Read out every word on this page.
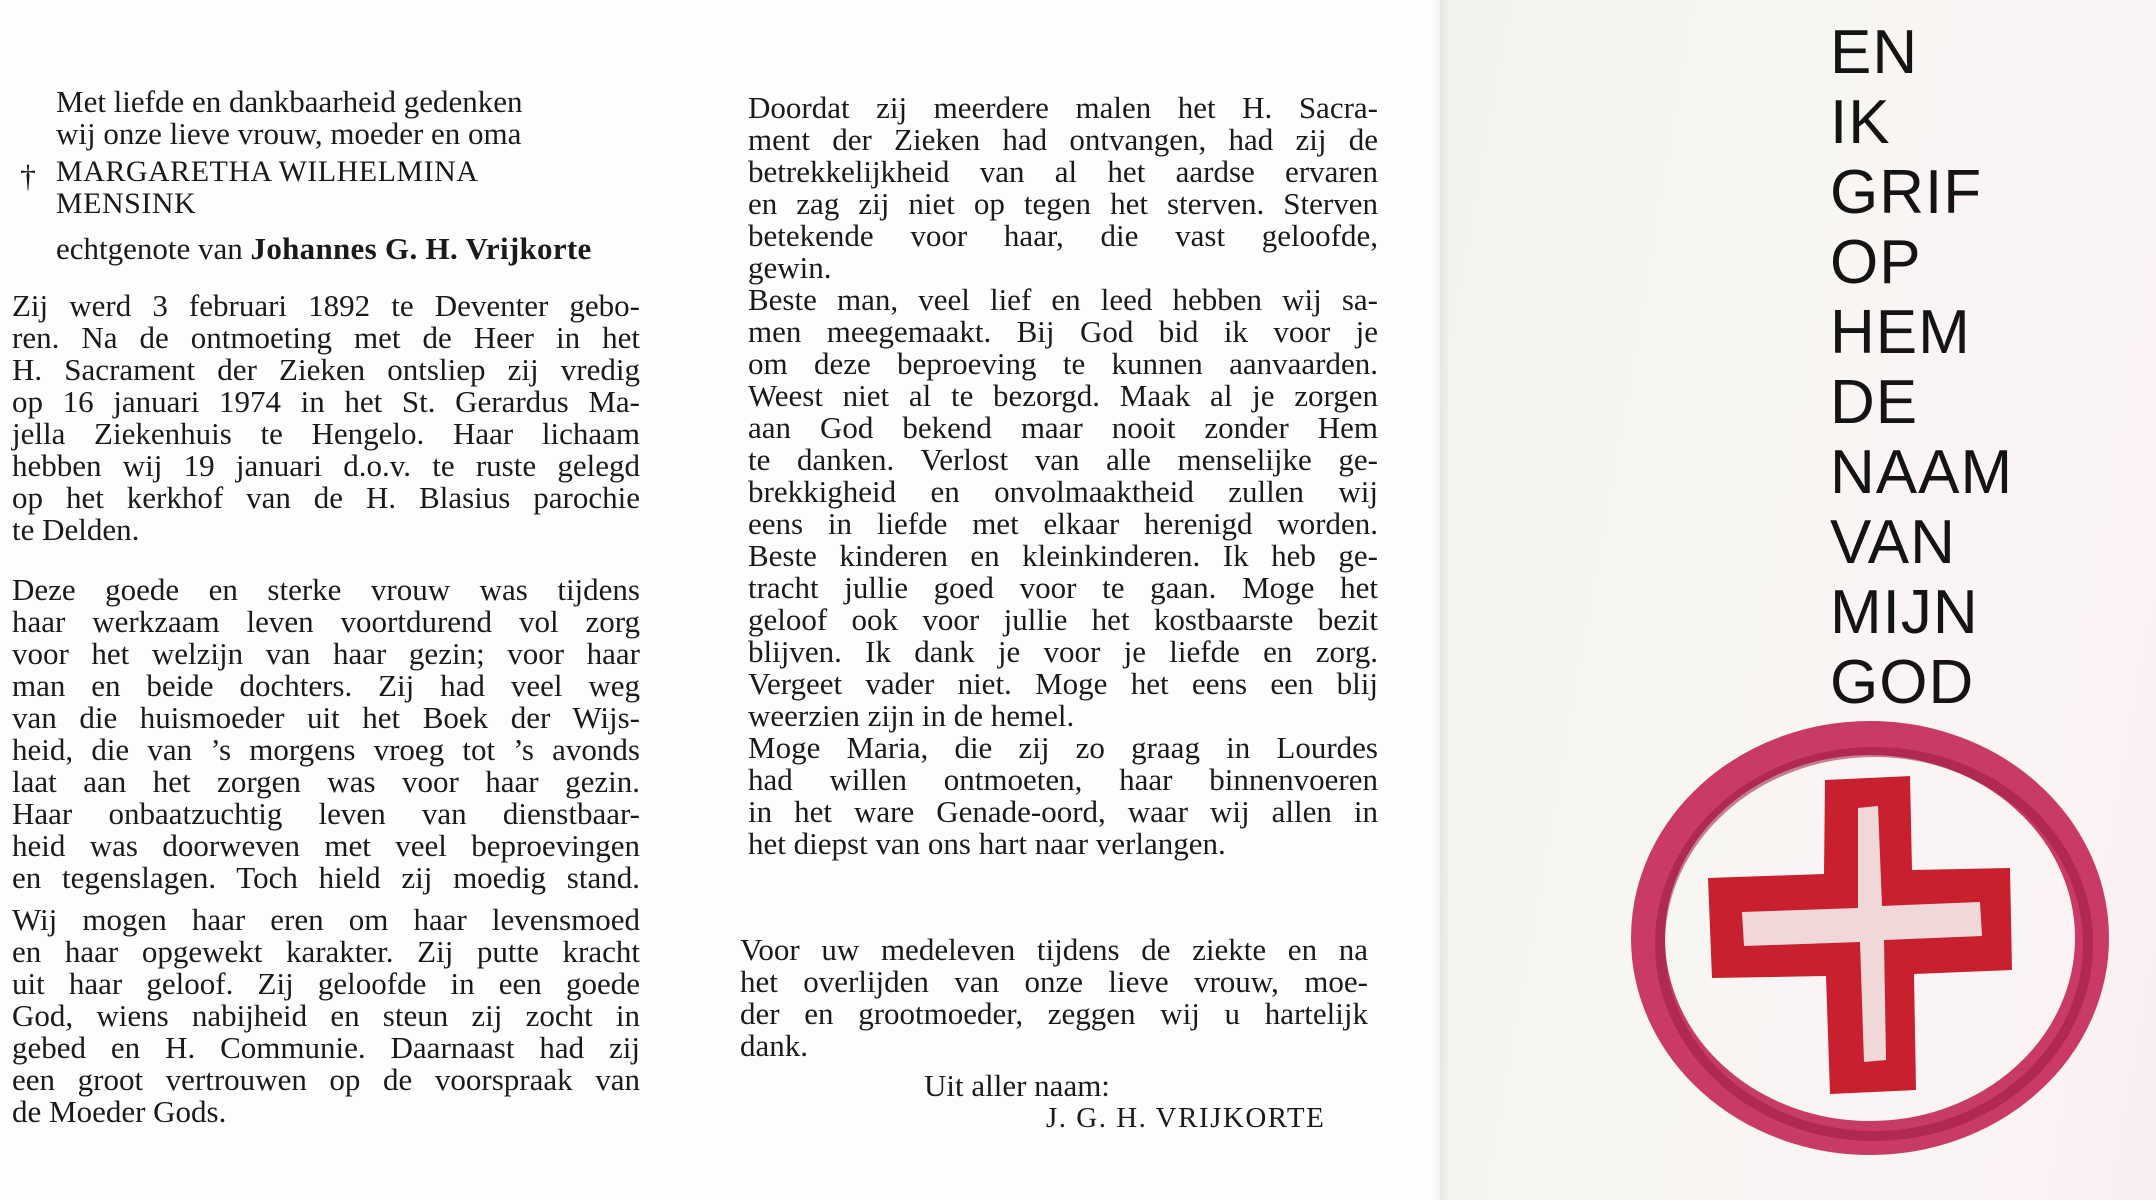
Met liefde en dankbaarheid gedenken

wij onze lieve vrouw, moeder en oma

† MARGARETHA WILHELMINA
MENSINK
echtgenote van Johannes G. H. Vrijkorte
Zij werd 3 februari 1892 te Deventer gebo-
ren. Na de ontmoeting met de Heer in het
H. Sacrament der Zieken ontsliep zij vredig
op 16 januari 1974 in het St. Gerardus Ma-
jella Ziekenhuis te Hengelo. Haar lichaam
hebben wij 19 januari d.o.v. te ruste gelegd
op het kerkhof van de H. Blasius parochie
te Delden.
Deze goede en sterke vrouw was tijdens
haar werkzaam leven voortdurend vol zorg
voor het welzijn van haar gezin; voor haar
man en beide dochters. Zij had veel weg
van die huismoeder uit het Boek der Wijs-
heid, die van ’s morgens vroeg tot ’s avonds
laat aan het zorgen was voor haar gezin.
Haar onbaatzuchtig leven van dienstbaar-
heid was doorweven met veel beproevingen
en tegenslagen. Toch hield zij moedig stand.
Wij mogen haar eren om haar levensmoed
en haar opgewekt karakter. Zij putte kracht
uit haar geloof. Zij geloofde in een goede
God, wiens nabijheid en steun zij zocht in
gebed en H. Communie. Daarnaast had zij
een groot vertrouwen op de voorspraak van
de Moeder Gods.
Doordat zij meerdere malen het H. Sacra-
ment der Zieken had ontvangen, had zij de
betrekkelijkheid van al het aardse ervaren
en zag zij niet op tegen het sterven. Sterven
betekende voor haar, die vast geloofde,
gewin.
Beste man, veel lief en leed hebben wij sa-
men meegemaakt. Bij God bid ik voor je
om deze beproeving te kunnen aanvaarden.
Weest niet al te bezorgd. Maak al je zorgen
aan God bekend maar nooit zonder Hem
te danken. Verlost van alle menselijke ge-
brekkigheid en onvolmaaktheid zullen wij
eens in liefde met elkaar herenigd worden.
Beste kinderen en kleinkinderen. Ik heb ge-
tracht jullie goed voor te gaan. Moge het
geloof ook voor jullie het kostbaarste bezit
blijven. Ik dank je voor je liefde en zorg.
Vergeet vader niet. Moge het eens een blij
weerzien zijn in de hemel.
Moge Maria, die zij zo graag in Lourdes
had willen ontmoeten, haar binnenvoeren
in het ware Genade-oord, waar wij allen in
het diepst van ons hart naar verlangen.
Voor uw medeleven tijdens de ziekte en na
het overlijden van onze lieve vrouw, moe-
der en grootmoeder, zeggen wij u hartelijk
dank.
Uit aller naam:
J. G. H. VRIJKORTE
EN
IK
GRIF
OP
HEM
DE
NAAM
VAN
MIJN
GOD
